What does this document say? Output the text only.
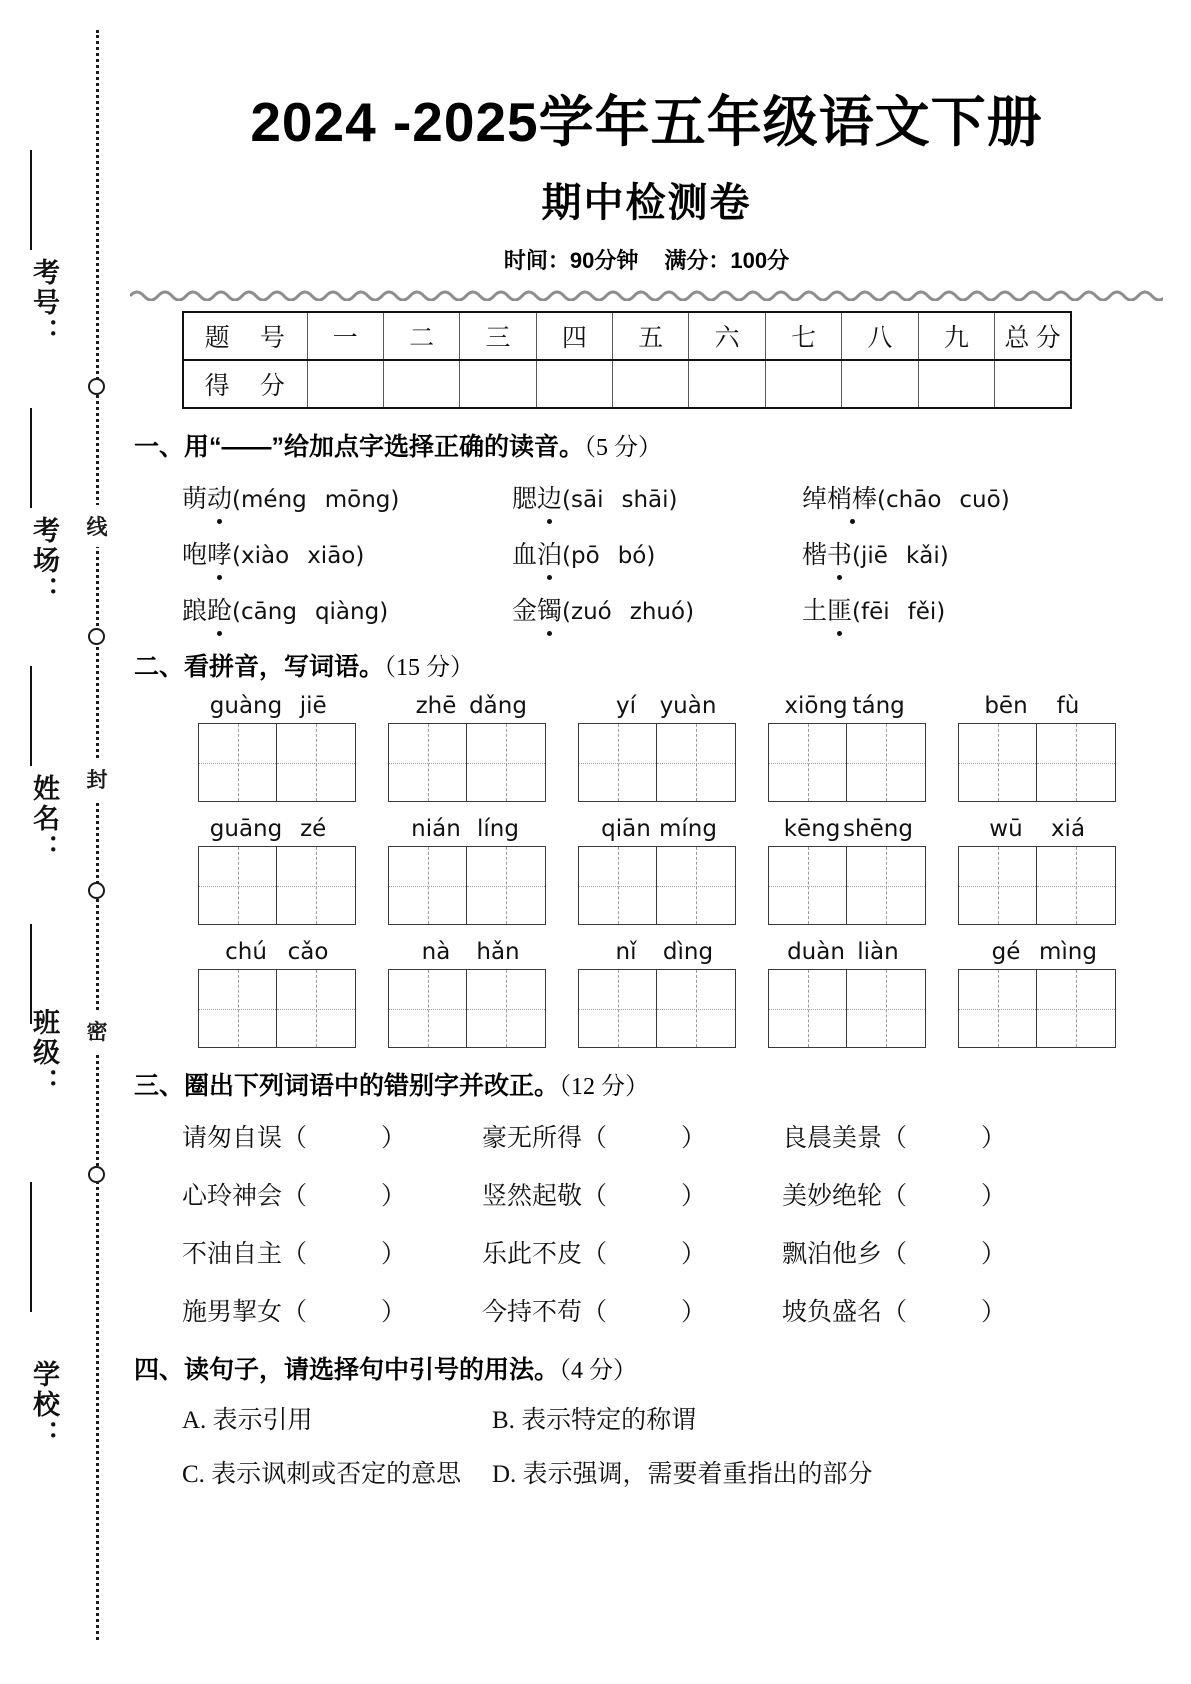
线
封
密
考号：
考场：
姓名：
班级：
学校：
2024 -2025学年五年级语文下册
期中检测卷
时间：90分钟 满分：100分
题 号	一	二	三	四	五	六	七	八	九	总 分
得 分										
一、用“——”给加点字选择正确的读音。（5 分）
萌动(méng mōng)	腮边(sāi shāi)	绰梢棒(chāo cuō)
咆哮(xiào xiāo)	血泊(pō bó)	楷书(jiē kǎi)
踉跄(cāng qiàng)	金镯(zuó zhuó)	土匪(fēi fěi)
二、看拼音，写词语。（15 分）
guàng jiē	zhē dǎng	yí yuàn	xiōng táng	bēn fù
guāng zé	nián líng	qiān míng	kēng shēng	wū xiá
chú cǎo	nà hǎn	nǐ dìng	duàn liàn	gé mìng
三、圈出下列词语中的错别字并改正。（12 分）
请匆自误（	）	豪无所得（	）	良晨美景（	）
心玲神会（	）	竖然起敬（	）	美妙绝轮（	）
不油自主（	）	乐此不皮（	）	飘泊他乡（	）
施男挈女（	）	今持不苟（	）	坡负盛名（	）
四、读句子，请选择句中引号的用法。（4 分）
A. 表示引用	B. 表示特定的称谓
C. 表示讽刺或否定的意思	D. 表示强调，需要着重指出的部分
